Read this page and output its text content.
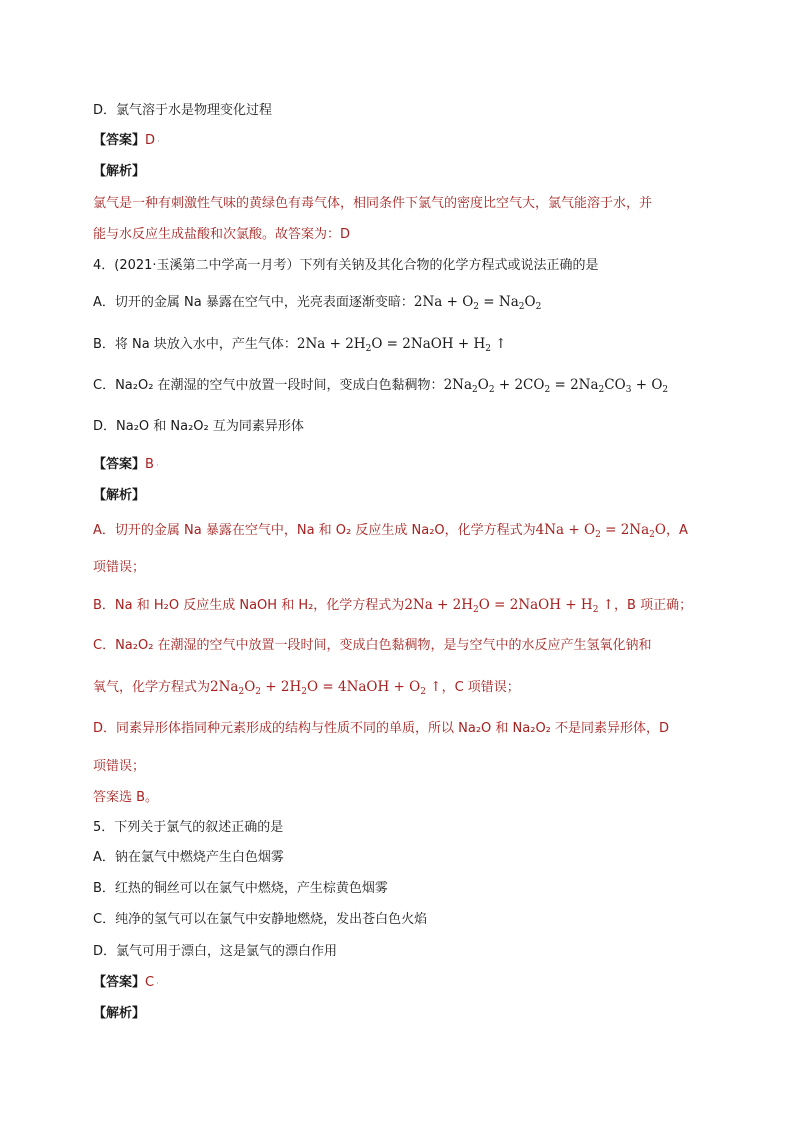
D．氯气溶于水是物理变化过程
【答案】D ·
【解析】
氯气是一种有刺激性气味的黄绿色有毒气体，相同条件下氯气的密度比空气大，氯气能溶于水，并
能与水反应生成盐酸和次氯酸。故答案为：D
4．(2021·玉溪第二中学高一月考）下列有关钠及其化合物的化学方程式或说法正确的是
A．切开的金属 Na 暴露在空气中，光亮表面逐渐变暗：$2Na + O_2 = Na_2O_2$
B．将 Na 块放入水中，产生气体：$2Na + 2H_2O$ = 2NaOH + $H_2$ ↑
C．Na₂O₂ 在潮湿的空气中放置一段时间，变成白色黏稠物：$2Na_2O_2 + 2CO_2 = 2Na_2CO_3 + O_2$
D．Na₂O 和 Na₂O₂ 互为同素异形体
【答案】B ·
【解析】
A．切开的金属 Na 暴露在空气中，Na 和 O₂ 反应生成 Na₂O，化学方程式为$4Na + O_2 = 2Na_2O$，A
项错误；
B．Na 和 H₂O 反应生成 NaOH 和 H₂，化学方程式为$2Na + 2H_2O$ = 2NaOH + $H_2$ ↑，B 项正确；
C．Na₂O₂ 在潮湿的空气中放置一段时间，变成白色黏稠物，是与空气中的水反应产生氢氧化钠和
氧气，化学方程式为$2Na_2O_2 + 2H_2O$ = 4NaOH + $O_2$ ↑，C 项错误；
D．同素异形体指同种元素形成的结构与性质不同的单质，所以 Na₂O 和 Na₂O₂ 不是同素异形体，D
项错误；
答案选 B。
5．下列关于氯气的叙述正确的是
A．钠在氯气中燃烧产生白色烟雾
B．红热的铜丝可以在氯气中燃烧，产生棕黄色烟雾
C．纯净的氢气可以在氯气中安静地燃烧，发出苍白色火焰
D．氯气可用于漂白，这是氯气的漂白作用
【答案】C ·
【解析】
